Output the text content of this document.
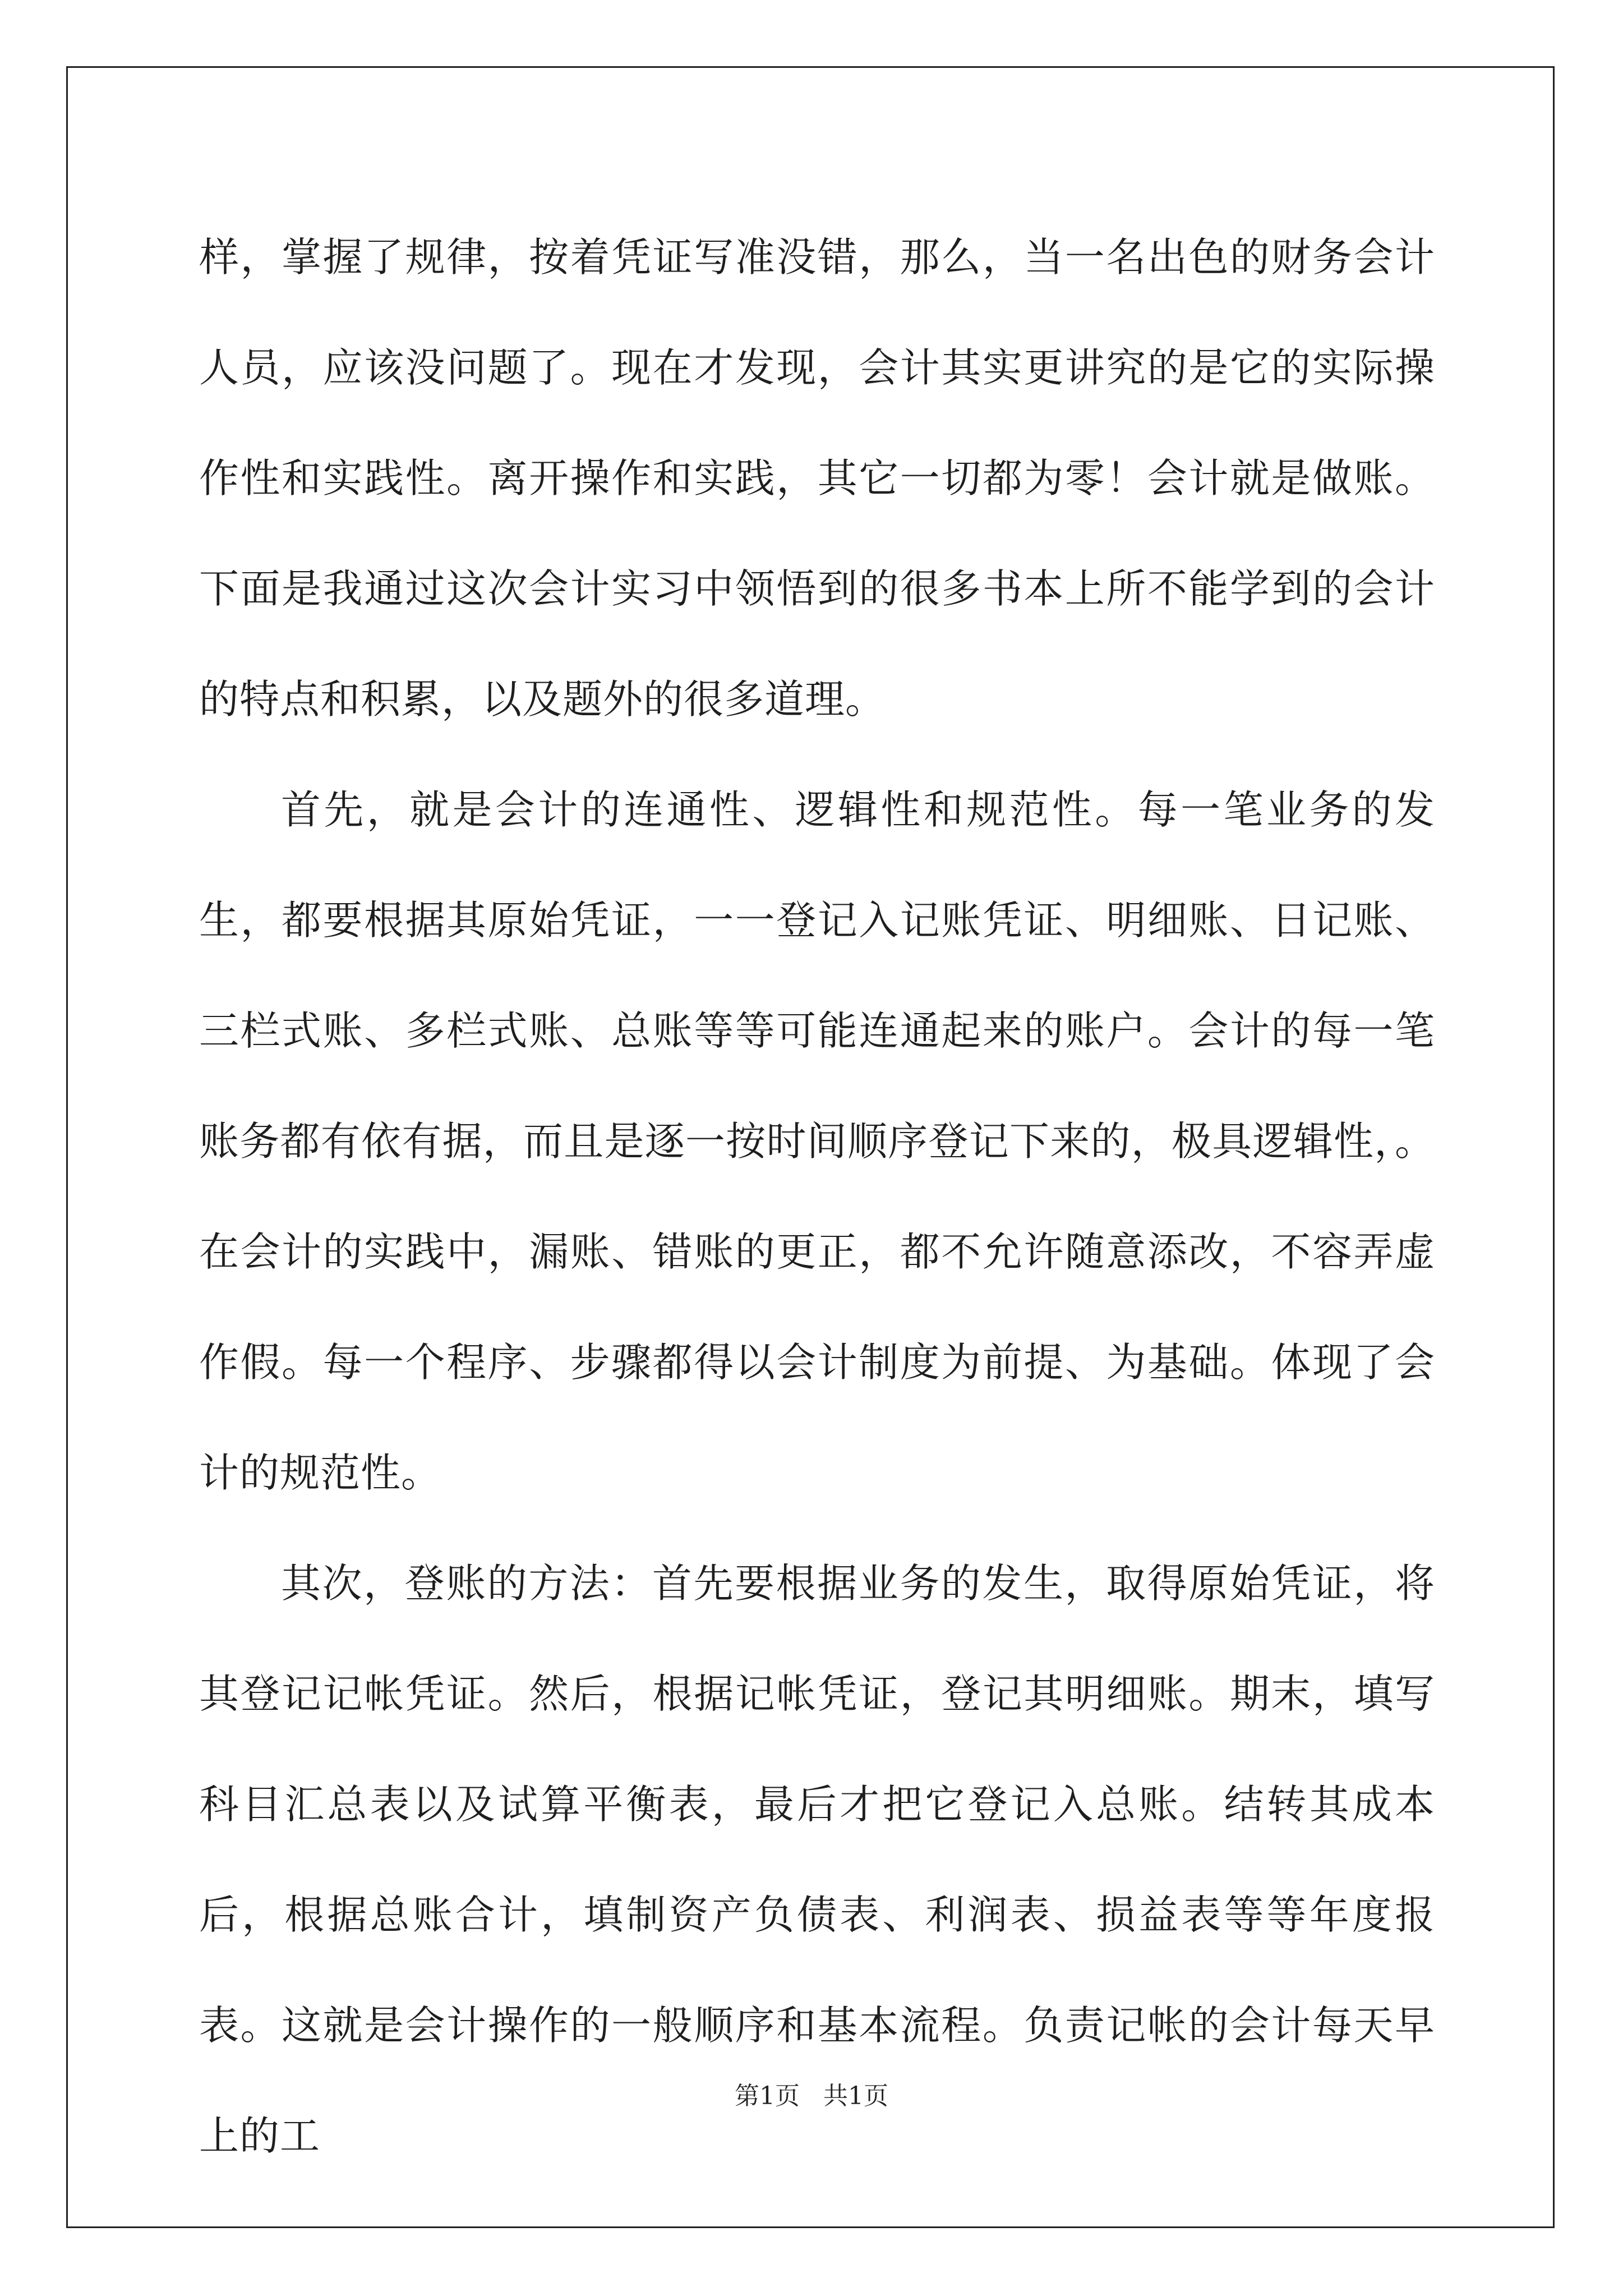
样，掌握了规律，按着凭证写准没错，那么，当一名出色的财务会计人员，应该没问题了。现在才发现，会计其实更讲究的是它的实际操作性和实践性。离开操作和实践，其它一切都为零！会计就是做账。下面是我通过这次会计实习中领悟到的很多书本上所不能学到的会计的特点和积累，以及题外的很多道理。

首先，就是会计的连通性、逻辑性和规范性。每一笔业务的发生，都要根据其原始凭证，一一登记入记账凭证、明细账、日记账、三栏式账、多栏式账、总账等等可能连通起来的账户。会计的每一笔账务都有依有据，而且是逐一按时间顺序登记下来的，极具逻辑性，。在会计的实践中，漏账、错账的更正，都不允许随意添改，不容弄虚作假。每一个程序、步骤都得以会计制度为前提、为基础。体现了会计的规范性。

其次，登账的方法：首先要根据业务的发生，取得原始凭证，将其登记记帐凭证。然后，根据记帐凭证，登记其明细账。期末，填写科目汇总表以及试算平衡表，最后才把它登记入总账。结转其成本后，根据总账合计，填制资产负债表、利润表、损益表等等年度报表。这就是会计操作的一般顺序和基本流程。负责记帐的会计每天早上的工

第1页   共1页
